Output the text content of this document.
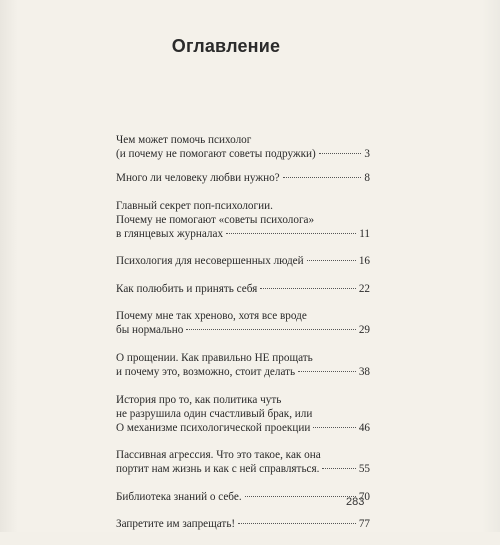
Оглавление
Чем может помочь психолог
(и почему не помогают советы подружки)	3
Много ли человеку любви нужно?	8
Главный секрет поп-психологии.
Почему не помогают «советы психолога»
в глянцевых журналах	11
Психология для несовершенных людей	16
Как полюбить и принять себя	22
Почему мне так хреново, хотя все вроде
бы нормально	29
О прощении. Как правильно НЕ прощать
и почему это, возможно, стоит делать	38
История про то, как политика чуть
не разрушила один счастливый брак, или
О механизме психологической проекции	46
Пассивная агрессия. Что это такое, как она
портит нам жизнь и как с ней справляться.	55
Библиотека знаний о себе.	70
Запретите им запрещать!	77
283
